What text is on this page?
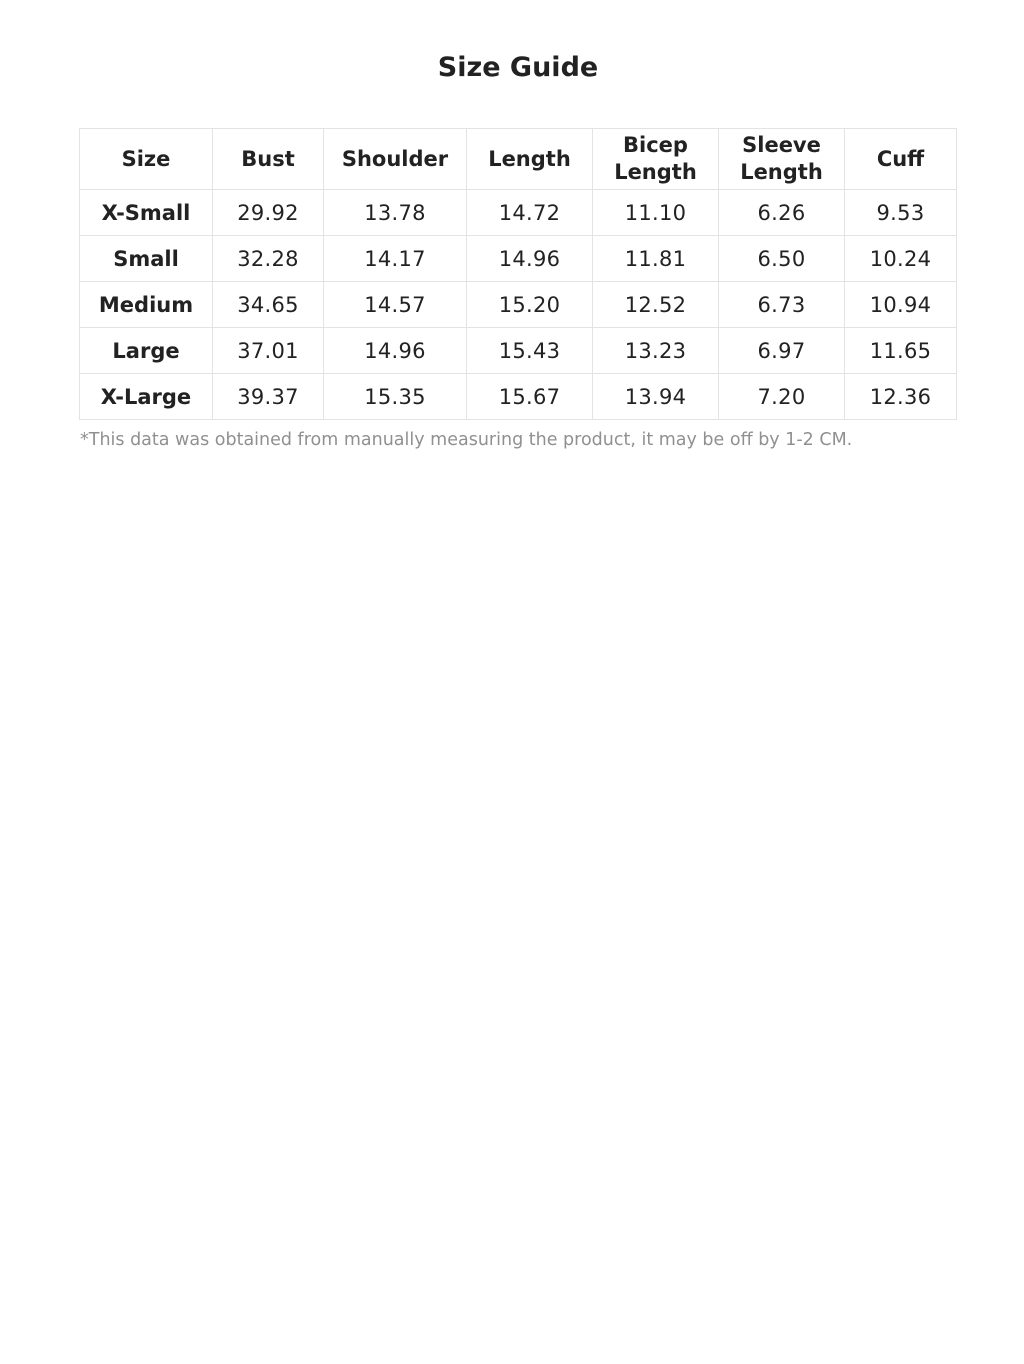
Size Guide
Size	Bust	Shoulder	Length	Bicep Length	Sleeve Length	Cuff
X-Small	29.92	13.78	14.72	11.10	6.26	9.53
Small	32.28	14.17	14.96	11.81	6.50	10.24
Medium	34.65	14.57	15.20	12.52	6.73	10.94
Large	37.01	14.96	15.43	13.23	6.97	11.65
X-Large	39.37	15.35	15.67	13.94	7.20	12.36
*This data was obtained from manually measuring the product, it may be off by 1-2 CM.
